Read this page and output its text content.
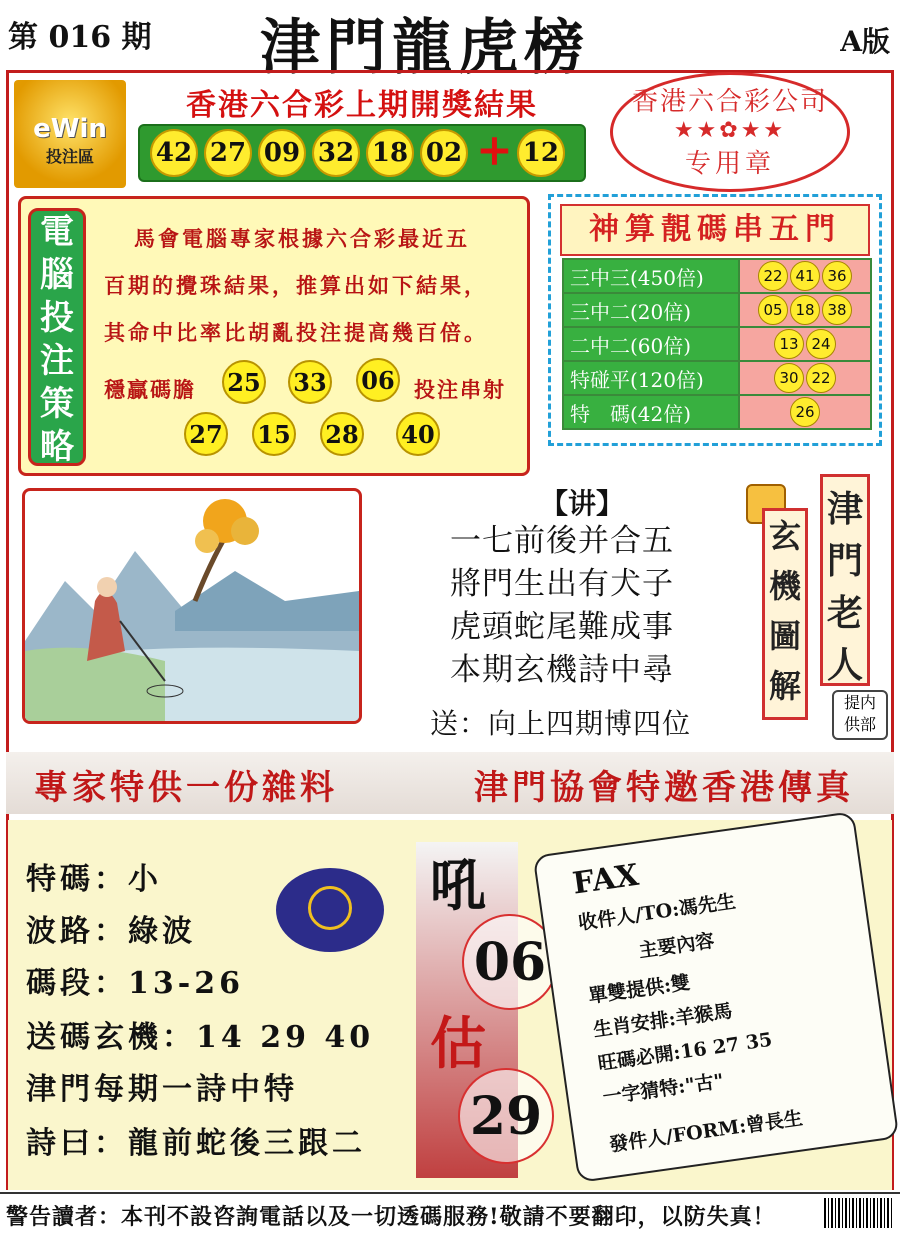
第 016 期 津門龍虎榜	A版
eWin
投注區
香港六合彩上期開獎結果
42 27 09 32 18 02 + 12
香港六合彩公司
★★✿★★
专用章
電
腦
投
注
策
略
馬會電腦專家根據六合彩最近五
百期的攪珠結果，推算出如下結果，
其命中比率比胡亂投注提高幾百倍。
穩贏碼膽	投注串射
25 33 06
27 15 28 40
神算靚碼串五門
三中三(450倍)	22 41 36
三中二(20倍)	05 18 38
二中二(60倍)	13 24
特碰平(120倍)	30 22
特　碼(42倍)	26
【讲】
一七前後并合五
將門生出有犬子
虎頭蛇尾難成事
本期玄機詩中尋
送：向上四期博四位
玄
機
圖
解
津
門
老
人
提内
供部
專家特供一份雜料	津門協會特邀香港傳真
特碼：小
波路：綠波
碼段：13-26
送碼玄機：14 29 40
津門每期一詩中特
詩曰：龍前蛇後三跟二
吼
估
06
29
FAX
收件人/TO:馮先生
主要內容
單雙提供:雙
生肖安排:羊猴馬
旺碼必開:16 27 35
一字猜特:"古"
發件人/FORM:曾長生
警告讀者：本刊不設咨詢電話以及一切透碼服務!敬請不要翻印，以防失真！
